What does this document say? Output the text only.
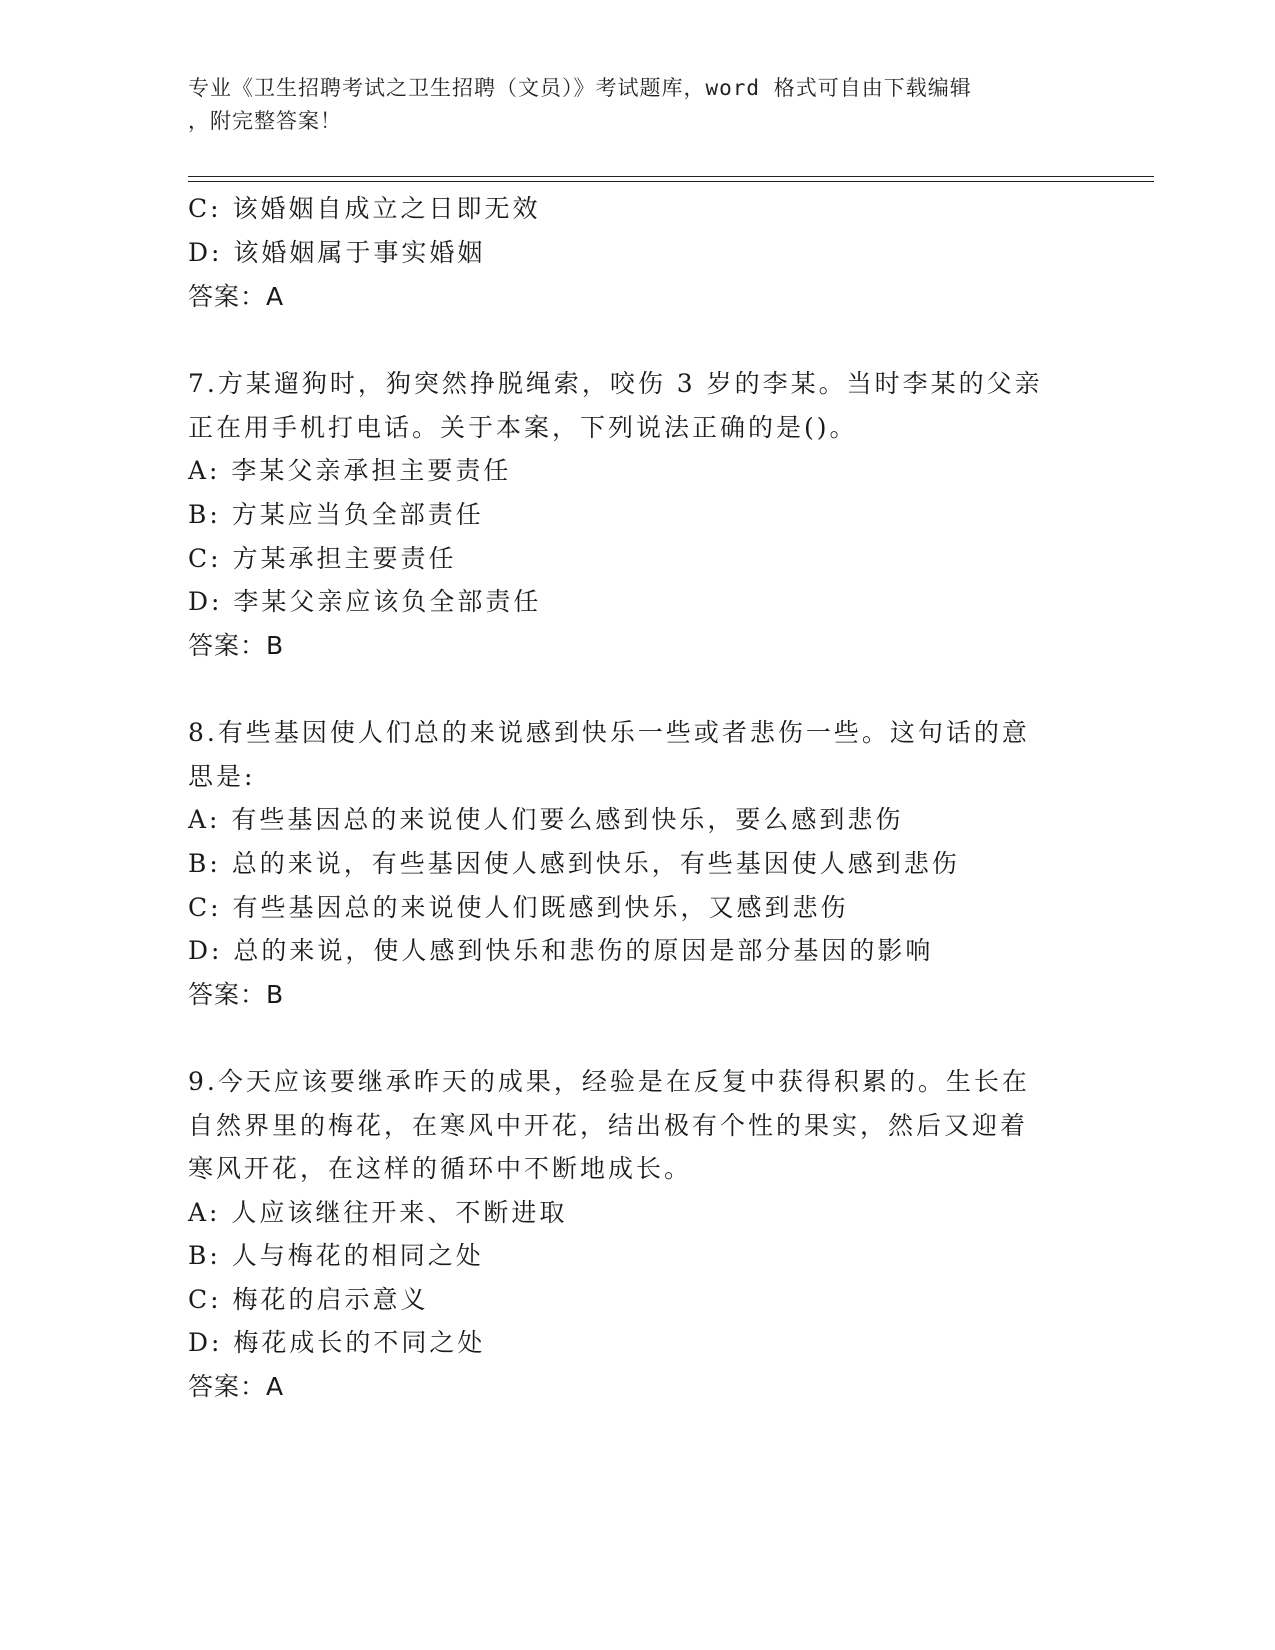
专业《卫生招聘考试之卫生招聘（文员）》考试题库，word 格式可自由下载编辑
，附完整答案！
C: 该婚姻自成立之日即无效
D: 该婚姻属于事实婚姻
答案：A
7.方某遛狗时，狗突然挣脱绳索，咬伤 3 岁的李某。当时李某的父亲
正在用手机打电话。关于本案，下列说法正确的是()。
A: 李某父亲承担主要责任
B: 方某应当负全部责任
C: 方某承担主要责任
D: 李某父亲应该负全部责任
答案：B
8.有些基因使人们总的来说感到快乐一些或者悲伤一些。这句话的意
思是:
A: 有些基因总的来说使人们要么感到快乐，要么感到悲伤
B: 总的来说，有些基因使人感到快乐，有些基因使人感到悲伤
C: 有些基因总的来说使人们既感到快乐，又感到悲伤
D: 总的来说，使人感到快乐和悲伤的原因是部分基因的影响
答案：B
9.今天应该要继承昨天的成果，经验是在反复中获得积累的。生长在
自然界里的梅花，在寒风中开花，结出极有个性的果实，然后又迎着
寒风开花，在这样的循环中不断地成长。
A: 人应该继往开来、不断进取
B: 人与梅花的相同之处
C: 梅花的启示意义
D: 梅花成长的不同之处
答案：A
